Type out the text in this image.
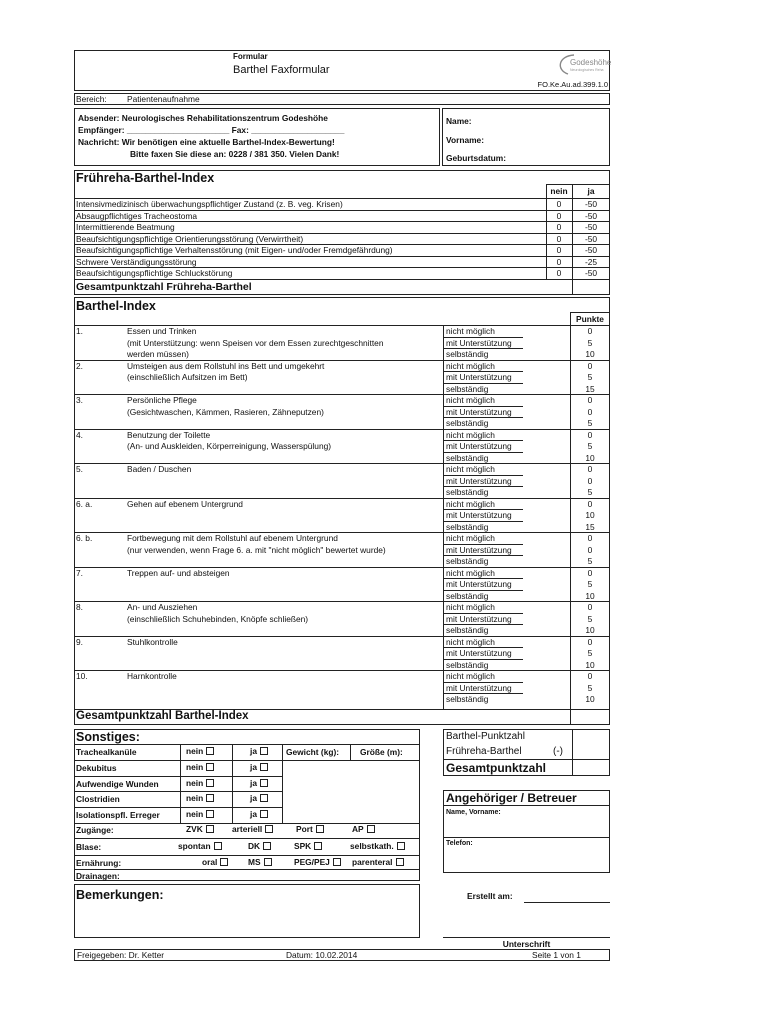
Formular
Barthel Faxformular
Godeshöhe
Neurologisches Reha
FO.Ke.Au.ad.399.1.0
Bereich: Patientenaufnahme
Absender: Neurologisches Rehabilitationszentrum Godeshöhe
Empfänger: ______________________ Fax: ____________________
Nachricht: Wir benötigen eine aktuelle Barthel-Index-Bewertung!
Bitte faxen Sie diese an: 0228 / 381 350. Vielen Dank!
Name:
Vorname:
Geburtsdatum:
Frühreha-Barthel-Index
nein	ja
Intensivmedizinisch überwachungspflichtiger Zustand (z. B. veg. Krisen)	0	-50
Absaugpflichtiges Tracheostoma	0	-50
Intermittierende Beatmung	0	-50
Beaufsichtigungspflichtige Orientierungsstörung (Verwirrtheit)	0	-50
Beaufsichtigungspflichtige Verhaltensstörung (mit Eigen- und/oder Fremdgefährdung)	0	-50
Schwere Verständigungsstörung	0	-25
Beaufsichtigungspflichtige Schluckstörung	0	-50
Gesamtpunktzahl Frühreha-Barthel
Barthel-Index
Punkte
1.	Essen und Trinken
(mit Unterstützung: wenn Speisen vor dem Essen zurechtgeschnitten
werden müssen)
nicht möglich	0
mit Unterstützung	5
selbständig	10
2.	Umsteigen aus dem Rollstuhl ins Bett und umgekehrt
(einschließlich Aufsitzen im Bett)
nicht möglich	0
mit Unterstützung	5
selbständig	15
3.	Persönliche Pflege
(Gesichtwaschen, Kämmen, Rasieren, Zähneputzen)
nicht möglich	0
mit Unterstützung	0
selbständig	5
4.	Benutzung der Toilette
(An- und Auskleiden, Körperreinigung, Wasserspülung)
nicht möglich	0
mit Unterstützung	5
selbständig	10
5.	Baden / Duschen	nicht möglich	0
mit Unterstützung	0
selbständig	5
6. a.	Gehen auf ebenem Untergrund	nicht möglich	0
mit Unterstützung	10
selbständig	15
6. b.	Fortbewegung mit dem Rollstuhl auf ebenem Untergrund
(nur verwenden, wenn Frage 6. a. mit "nicht möglich" bewertet wurde)
nicht möglich	0
mit Unterstützung	0
selbständig	5
7.	Treppen auf- und absteigen	nicht möglich	0
mit Unterstützung	5
selbständig	10
8.	An- und Ausziehen
(einschließlich Schuhebinden, Knöpfe schließen)
nicht möglich	0
mit Unterstützung	5
selbständig	10
9.	Stuhlkontrolle	nicht möglich	0
mit Unterstützung	5
selbständig	10
10.	Harnkontrolle	nicht möglich	0
mit Unterstützung	5
selbständig	10
Gesamtpunktzahl Barthel-Index
Sonstiges:
Gewicht (kg): Größe (m):
Trachealkanüle	nein	ja
Dekubitus	nein	ja
Aufwendige Wunden	nein	ja
Clostridien	nein	ja
Isolationspfl. Erreger	nein	ja
Zugänge:	ZVK	arteriell	Port	AP
Blase:	spontan	DK	SPK	selbstkath.
Ernährung:	oral	MS	PEG/PEJ	parenteral
Drainagen:
Barthel-Punktzahl
Frühreha-Barthel	(-)
Gesamtpunktzahl
Angehöriger / Betreuer
Name, Vorname:
Telefon:
Bemerkungen:	Erstellt am:
Unterschrift
Freigegeben: Dr. Ketter	Datum: 10.02.2014	Seite 1 von 1
